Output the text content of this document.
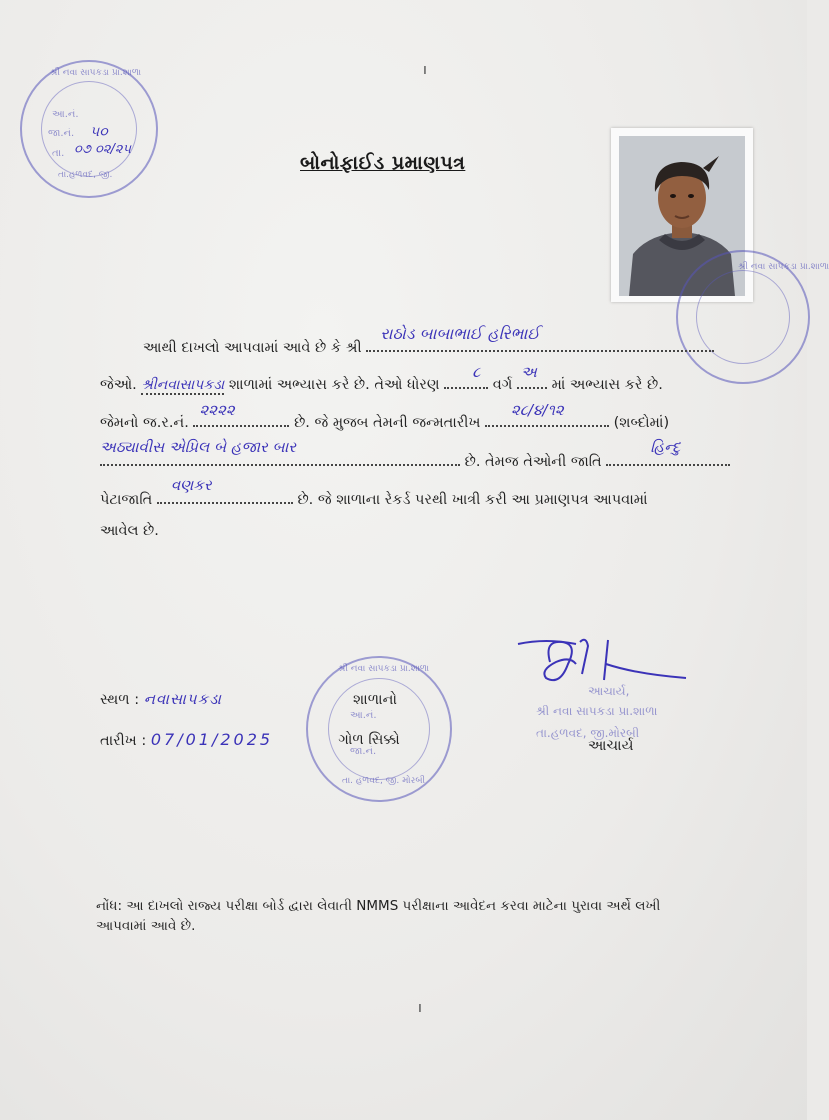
ı
શ્રી નવા સાપકડા પ્રા.શાળા
આ.નં.
જા.નં. ૫૦
તા. ૦૭ ૦૨/૨૫
તા.હળવદ, જી.
બોનોફાઈડ પ્રમાણપત્ર
શ્રી નવા સાપકડા પ્રા.શાળા
આથી દાખલો આપવામાં આવે છે કે શ્રી
રાઠોડ બાબાભાઈ હરિભાઈ
જેઓ. શ્રીનવાસાપકડા શાળામાં અભ્યાસ કરે છે. તેઓ ધોરણ
૮
વર્ગ
અ
માં અભ્યાસ કરે છે.
જેમનો જ.ર.નં.
૨૨૨૨
છે. જે મુજબ તેમની જન્મતારીખ
૨૮/૪/૧૨
(શબ્દોમાં)
અઠ્યાવીસ એપ્રિલ બે હજાર બાર
છે. તેમજ તેઓની જાતિ
હિન્દુ
પેટાજાતિ
વણકર
છે. જે શાળાના રેકર્ડ પરથી ખાત્રી કરી આ પ્રમાણપત્ર આપવામાં
આવેલ છે.
સ્થળ : નવાસાપકડા
તારીખ : 07/01/2025
શ્રી નવા સાપકડા પ્રા.શાળા
આ.નં.
જા.નં.
તા. હળવદ, જી. મોરબી
શાળાનો
ગોળ સિક્કો
આચાર્ય,
શ્રી નવા સાપકડા પ્રા.શાળા
તા.હળવદ, જી.મોરબી
આચાર્ય
નોંધ: આ દાખલો રાજ્ય પરીક્ષા બોર્ડ દ્વારા લેવાતી NMMS પરીક્ષાના આવેદન કરવા માટેના પુરાવા અર્થે લખી
આપવામાં આવે છે.
ı
